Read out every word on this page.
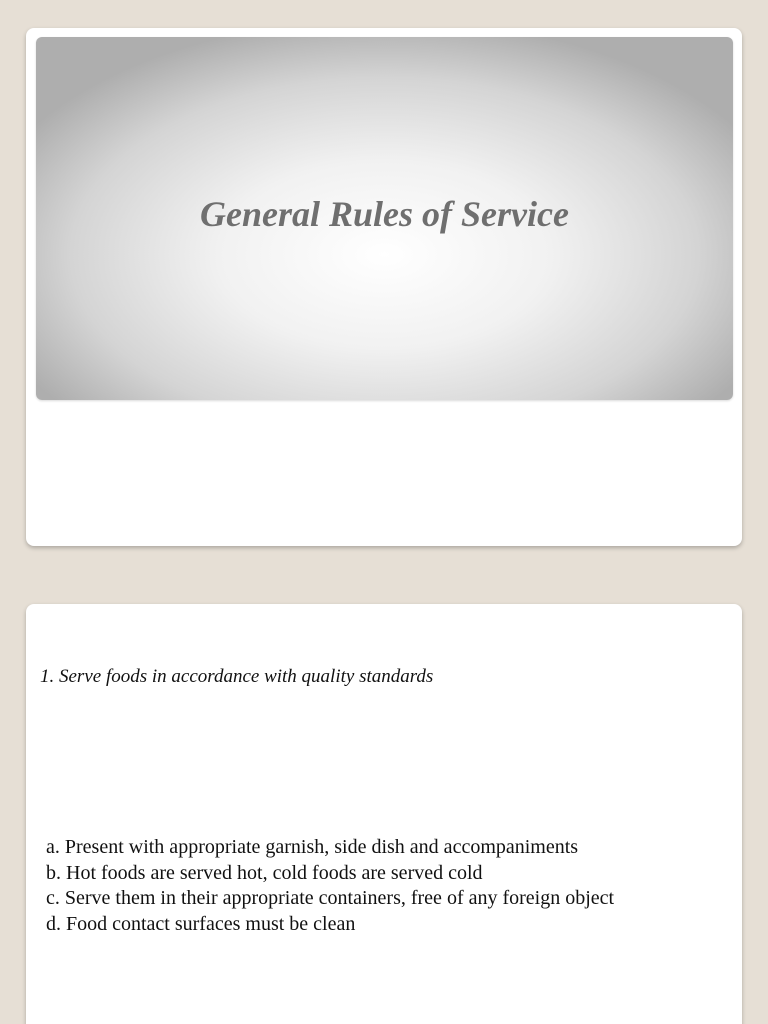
General Rules of Service

1. Serve foods in accordance with quality standards

a. Present with appropriate garnish, side dish and accompaniments
b. Hot foods are served hot, cold foods are served cold
c. Serve them in their appropriate containers, free of any foreign object
d. Food contact surfaces must be clean
